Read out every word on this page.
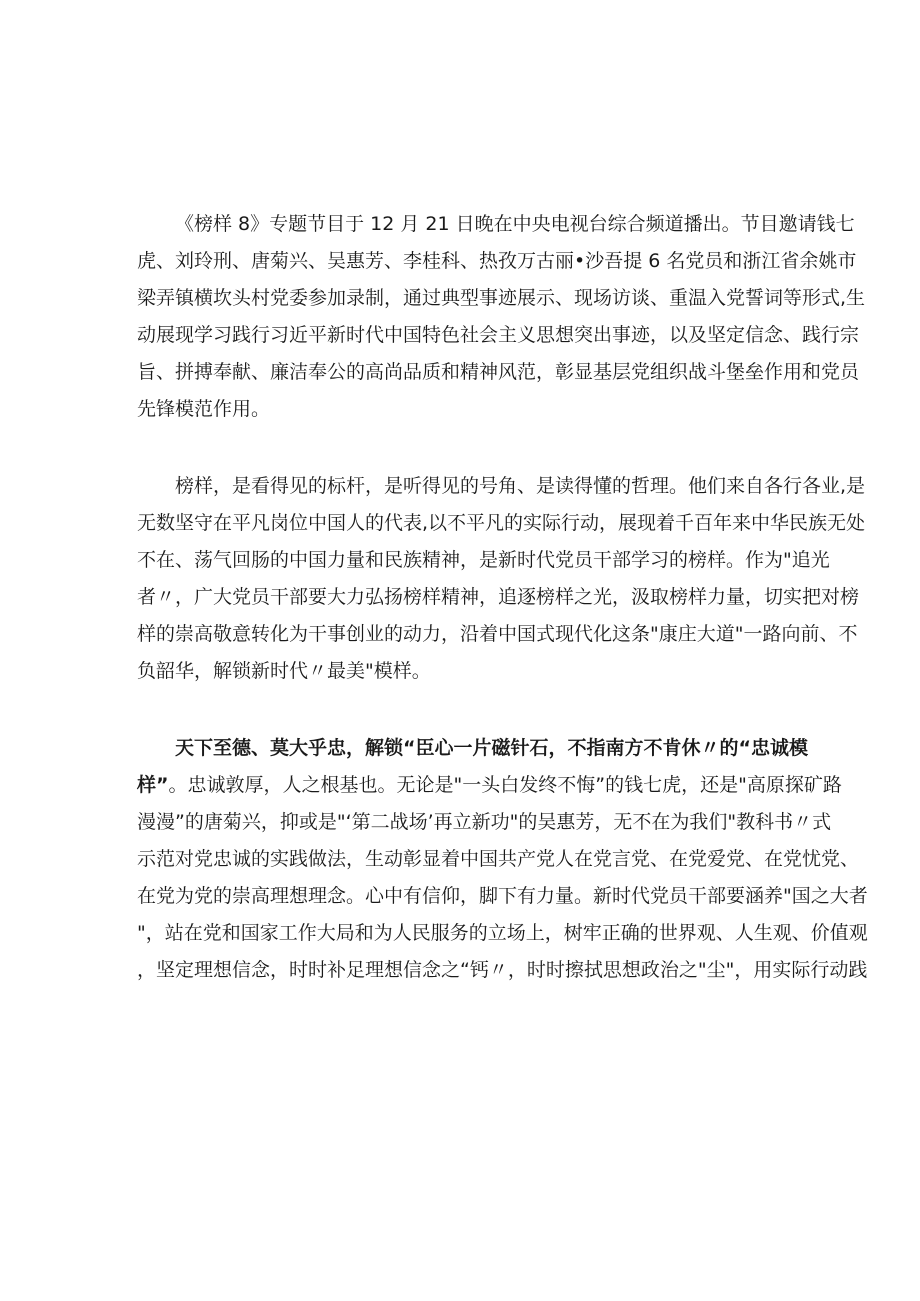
《榜样 8》专题节目于 12 月 21 日晚在中央电视台综合频道播出。节目邀请钱七
虎、刘玲刑、唐菊兴、吴惠芳、李桂科、热孜万古丽•沙吾提 6 名党员和浙江省余姚市
梁弄镇横坎头村党委参加录制，通过典型事迹展示、现场访谈、重温入党誓词等形式,生
动展现学习践行习近平新时代中国特色社会主义思想突出事迹，以及坚定信念、践行宗
旨、拼搏奉献、廉洁奉公的高尚品质和精神风范，彰显基层党组织战斗堡垒作用和党员
先锋模范作用。
榜样，是看得见的标杆，是听得见的号角、是读得懂的哲理。他们来自各行各业,是
无数坚守在平凡岗位中国人的代表,以不平凡的实际行动，展现着千百年来中华民族无处
不在、荡气回肠的中国力量和民族精神，是新时代党员干部学习的榜样。作为"追光
者〃，广大党员干部要大力弘扬榜样精神，追逐榜样之光，汲取榜样力量，切实把对榜
样的崇高敬意转化为干事创业的动力，沿着中国式现代化这条"康庄大道"一路向前、不
负韶华，解锁新时代〃最美"模样。
天下至德、莫大乎忠，解锁“臣心一片磁针石，不指南方不肯休〃的“忠诚模
样”。忠诚敦厚，人之根基也。无论是"一头白发终不悔”的钱七虎，还是"高原探矿路
漫漫”的唐菊兴，抑或是"‘第二战场’再立新功"的吴惠芳，无不在为我们"教科书〃式
示范对党忠诚的实践做法，生动彰显着中国共产党人在党言党、在党爱党、在党忧党、
在党为党的崇高理想理念。心中有信仰，脚下有力量。新时代党员干部要涵养"国之大者
"，站在党和国家工作大局和为人民服务的立场上，树牢正确的世界观、人生观、价值观
，坚定理想信念，时时补足理想信念之“钙〃，时时擦拭思想政治之"尘"，用实际行动践
